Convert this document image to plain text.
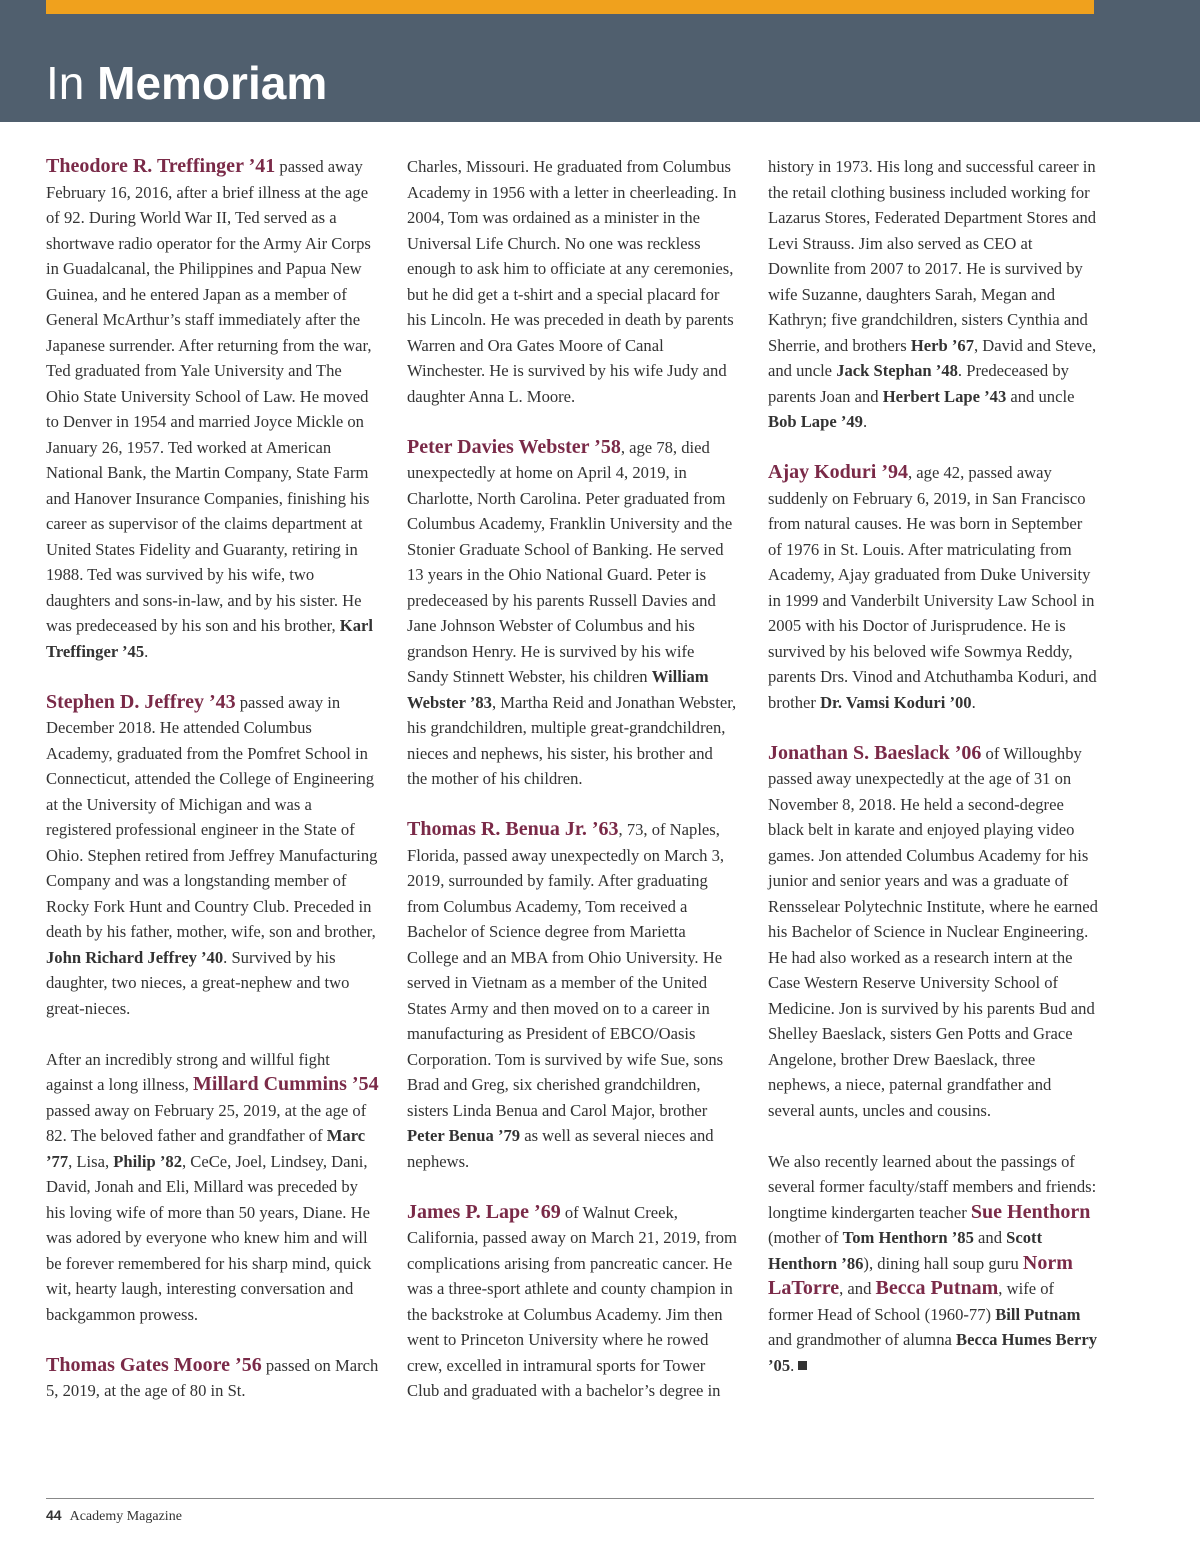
In Memoriam

Theodore R. Treffinger ’41 passed away February 16, 2016, after a brief illness at the age of 92. During World War II, Ted served as a shortwave radio operator for the Army Air Corps in Guadalcanal, the Philippines and Papua New Guinea, and he entered Japan as a member of General McArthur’s staff immediately after the Japanese surrender. After returning from the war, Ted graduated from Yale University and The Ohio State University School of Law. He moved to Denver in 1954 and married Joyce Mickle on January 26, 1957. Ted worked at American National Bank, the Martin Company, State Farm and Hanover Insurance Companies, finishing his career as supervisor of the claims department at United States Fidelity and Guaranty, retiring in 1988. Ted was survived by his wife, two daughters and sons-in-law, and by his sister. He was predeceased by his son and his brother, Karl Treffinger ’45.

Stephen D. Jeffrey ’43 passed away in December 2018. He attended Columbus Academy, graduated from the Pomfret School in Connecticut, attended the College of Engineering at the University of Michigan and was a registered professional engineer in the State of Ohio. Stephen retired from Jeffrey Manufacturing Company and was a longstanding member of Rocky Fork Hunt and Country Club. Preceded in death by his father, mother, wife, son and brother, John Richard Jeffrey ’40. Survived by his daughter, two nieces, a great-nephew and two great-nieces.

After an incredibly strong and willful fight against a long illness, Millard Cummins ’54 passed away on February 25, 2019, at the age of 82. The beloved father and grandfather of Marc ’77, Lisa, Philip ’82, CeCe, Joel, Lindsey, Dani, David, Jonah and Eli, Millard was preceded by his loving wife of more than 50 years, Diane. He was adored by everyone who knew him and will be forever remembered for his sharp mind, quick wit, hearty laugh, interesting conversation and backgammon prowess.

Thomas Gates Moore ’56 passed on March 5, 2019, at the age of 80 in St.

Charles, Missouri. He graduated from Columbus Academy in 1956 with a letter in cheerleading. In 2004, Tom was ordained as a minister in the Universal Life Church. No one was reckless enough to ask him to officiate at any ceremonies, but he did get a t-shirt and a special placard for his Lincoln. He was preceded in death by parents Warren and Ora Gates Moore of Canal Winchester. He is survived by his wife Judy and daughter Anna L. Moore.

Peter Davies Webster ’58, age 78, died unexpectedly at home on April 4, 2019, in Charlotte, North Carolina. Peter graduated from Columbus Academy, Franklin University and the Stonier Graduate School of Banking. He served 13 years in the Ohio National Guard. Peter is predeceased by his parents Russell Davies and Jane Johnson Webster of Columbus and his grandson Henry. He is survived by his wife Sandy Stinnett Webster, his children William Webster ’83, Martha Reid and Jonathan Webster, his grandchildren, multiple great-grandchildren, nieces and nephews, his sister, his brother and the mother of his children.

Thomas R. Benua Jr. ’63, 73, of Naples, Florida, passed away unexpectedly on March 3, 2019, surrounded by family. After graduating from Columbus Academy, Tom received a Bachelor of Science degree from Marietta College and an MBA from Ohio University. He served in Vietnam as a member of the United States Army and then moved on to a career in manufacturing as President of EBCO/Oasis Corporation. Tom is survived by wife Sue, sons Brad and Greg, six cherished grandchildren, sisters Linda Benua and Carol Major, brother Peter Benua ’79 as well as several nieces and nephews.

James P. Lape ’69 of Walnut Creek, California, passed away on March 21, 2019, from complications arising from pancreatic cancer. He was a three-sport athlete and county champion in the backstroke at Columbus Academy. Jim then went to Princeton University where he rowed crew, excelled in intramural sports for Tower Club and graduated with a bachelor’s degree in

history in 1973. His long and successful career in the retail clothing business included working for Lazarus Stores, Federated Department Stores and Levi Strauss. Jim also served as CEO at Downlite from 2007 to 2017. He is survived by wife Suzanne, daughters Sarah, Megan and Kathryn; five grandchildren, sisters Cynthia and Sherrie, and brothers Herb ’67, David and Steve, and uncle Jack Stephan ’48. Predeceased by parents Joan and Herbert Lape ’43 and uncle Bob Lape ’49.

Ajay Koduri ’94, age 42, passed away suddenly on February 6, 2019, in San Francisco from natural causes. He was born in September of 1976 in St. Louis. After matriculating from Academy, Ajay graduated from Duke University in 1999 and Vanderbilt University Law School in 2005 with his Doctor of Jurisprudence. He is survived by his beloved wife Sowmya Reddy, parents Drs. Vinod and Atchuthamba Koduri, and brother Dr. Vamsi Koduri ’00.

Jonathan S. Baeslack ’06 of Willoughby passed away unexpectedly at the age of 31 on November 8, 2018. He held a second-degree black belt in karate and enjoyed playing video games. Jon attended Columbus Academy for his junior and senior years and was a graduate of Rensselear Polytechnic Institute, where he earned his Bachelor of Science in Nuclear Engineering. He had also worked as a research intern at the Case Western Reserve University School of Medicine. Jon is survived by his parents Bud and Shelley Baeslack, sisters Gen Potts and Grace Angelone, brother Drew Baeslack, three nephews, a niece, paternal grandfather and several aunts, uncles and cousins.

We also recently learned about the passings of several former faculty/staff members and friends: longtime kindergarten teacher Sue Henthorn (mother of Tom Henthorn ’85 and Scott Henthorn ’86), dining hall soup guru Norm LaTorre, and Becca Putnam, wife of former Head of School (1960-77) Bill Putnam and grandmother of alumna Becca Humes Berry ’05.

44 Academy Magazine
